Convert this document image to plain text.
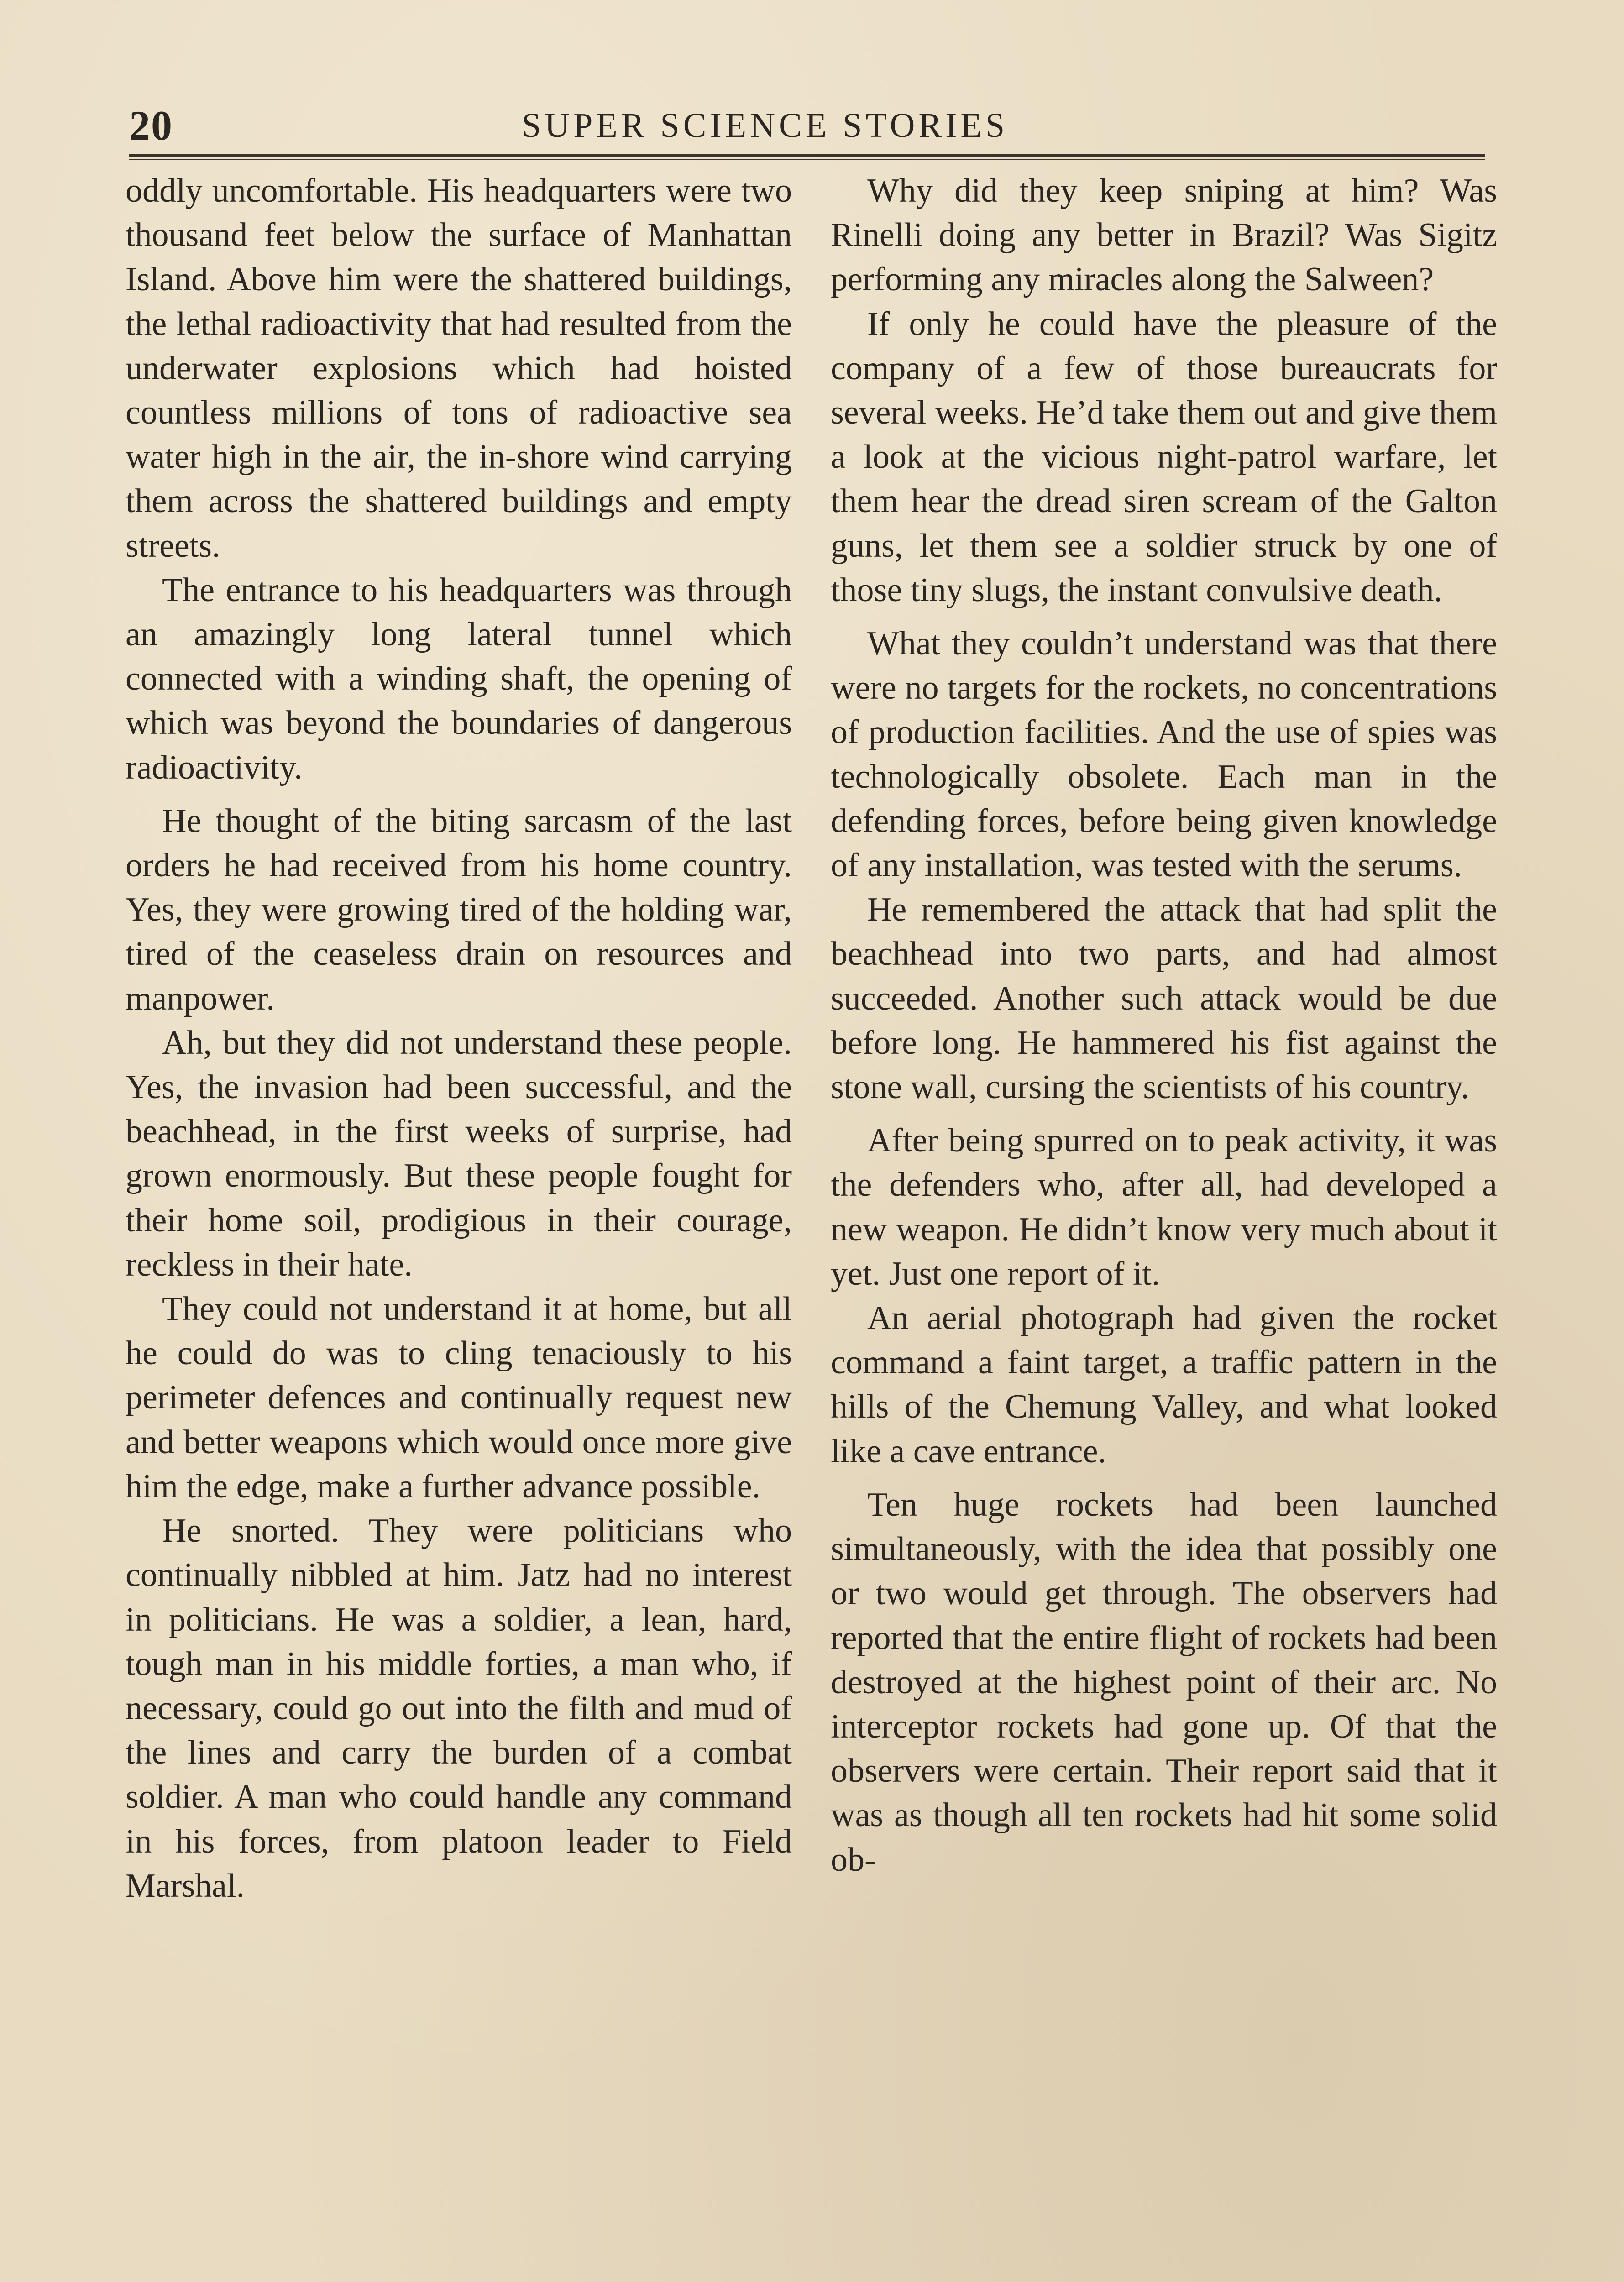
20	SUPER SCIENCE STORIES

oddly uncomfortable. His headquarters were two thousand feet below the surface of Manhattan Island. Above him were the shattered buildings, the lethal radioactivity that had resulted from the underwater explosions which had hoisted countless millions of tons of radioactive sea water high in the air, the in-shore wind carrying them across the shattered buildings and empty streets.

The entrance to his headquarters was through an amazingly long lateral tunnel which connected with a winding shaft, the opening of which was beyond the boundaries of dangerous radioactivity.

He thought of the biting sarcasm of the last orders he had received from his home country. Yes, they were growing tired of the holding war, tired of the ceaseless drain on resources and manpower.

Ah, but they did not understand these people. Yes, the invasion had been successful, and the beachhead, in the first weeks of surprise, had grown enormously. But these people fought for their home soil, prodigious in their courage, reckless in their hate.

They could not understand it at home, but all he could do was to cling tenaciously to his perimeter defences and continually request new and better weapons which would once more give him the edge, make a further advance possible.

He snorted. They were politicians who continually nibbled at him. Jatz had no interest in politicians. He was a soldier, a lean, hard, tough man in his middle forties, a man who, if necessary, could go out into the filth and mud of the lines and carry the burden of a combat soldier. A man who could handle any command in his forces, from platoon leader to Field Marshal.

Why did they keep sniping at him? Was Rinelli doing any better in Brazil? Was Sigitz performing any miracles along the Salween?

If only he could have the pleasure of the company of a few of those bureaucrats for several weeks. He’d take them out and give them a look at the vicious night-patrol warfare, let them hear the dread siren scream of the Galton guns, let them see a soldier struck by one of those tiny slugs, the instant convulsive death.

What they couldn’t understand was that there were no targets for the rockets, no concentrations of production facilities. And the use of spies was technologically obsolete. Each man in the defending forces, before being given knowledge of any installation, was tested with the serums.

He remembered the attack that had split the beachhead into two parts, and had almost succeeded. Another such attack would be due before long. He hammered his fist against the stone wall, cursing the scientists of his country.

After being spurred on to peak activity, it was the defenders who, after all, had developed a new weapon. He didn’t know very much about it yet. Just one report of it.

An aerial photograph had given the rocket command a faint target, a traffic pattern in the hills of the Chemung Valley, and what looked like a cave entrance.

Ten huge rockets had been launched simultaneously, with the idea that possibly one or two would get through. The observers had reported that the entire flight of rockets had been destroyed at the highest point of their arc. No interceptor rockets had gone up. Of that the observers were certain. Their report said that it was as though all ten rockets had hit some solid ob-
